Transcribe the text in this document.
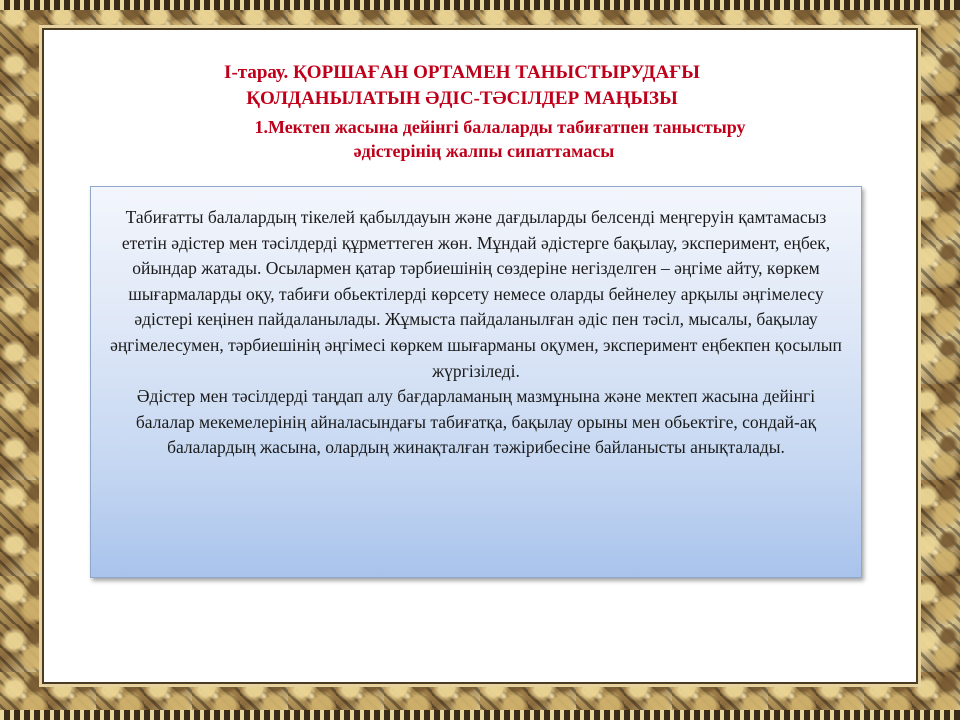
І-тарау. ҚОРШАҒАН ОРТАМЕН ТАНЫСТЫРУДАҒЫ
ҚОЛДАНЫЛАТЫН ӘДІС-ТӘСІЛДЕР МАҢЫЗЫ
1.Мектеп жасына дейінгі балаларды табиғатпен таныстыру
әдістерінің жалпы сипаттамасы

Табиғатты балалардың тікелей қабылдауын және дағдыларды белсенді меңгеруін қамтамасыз ететін әдістер мен тәсілдерді құрметтеген жөн. Мұндай әдістерге бақылау, эксперимент, еңбек, ойындар жатады. Осылармен қатар тәрбиешінің сөздеріне негізделген – әңгіме айту, көркем шығармаларды оқу, табиғи обьектілерді көрсету немесе оларды бейнелеу арқылы әңгімелесу әдістері кеңінен пайдаланылады. Жұмыста пайдаланылған әдіс пен тәсіл, мысалы, бақылау әңгімелесумен, тәрбиешінің әңгімесі көркем шығарманы оқумен, эксперимент еңбекпен қосылып жүргізіледі.

Әдістер мен тәсілдерді таңдап алу бағдарламаның мазмұнына және мектеп жасына дейінгі балалар мекемелерінің айналасындағы табиғатқа, бақылау орыны мен обьектіге, сондай-ақ балалардың жасына, олардың жинақталған тәжірибесіне байланысты анықталады.
